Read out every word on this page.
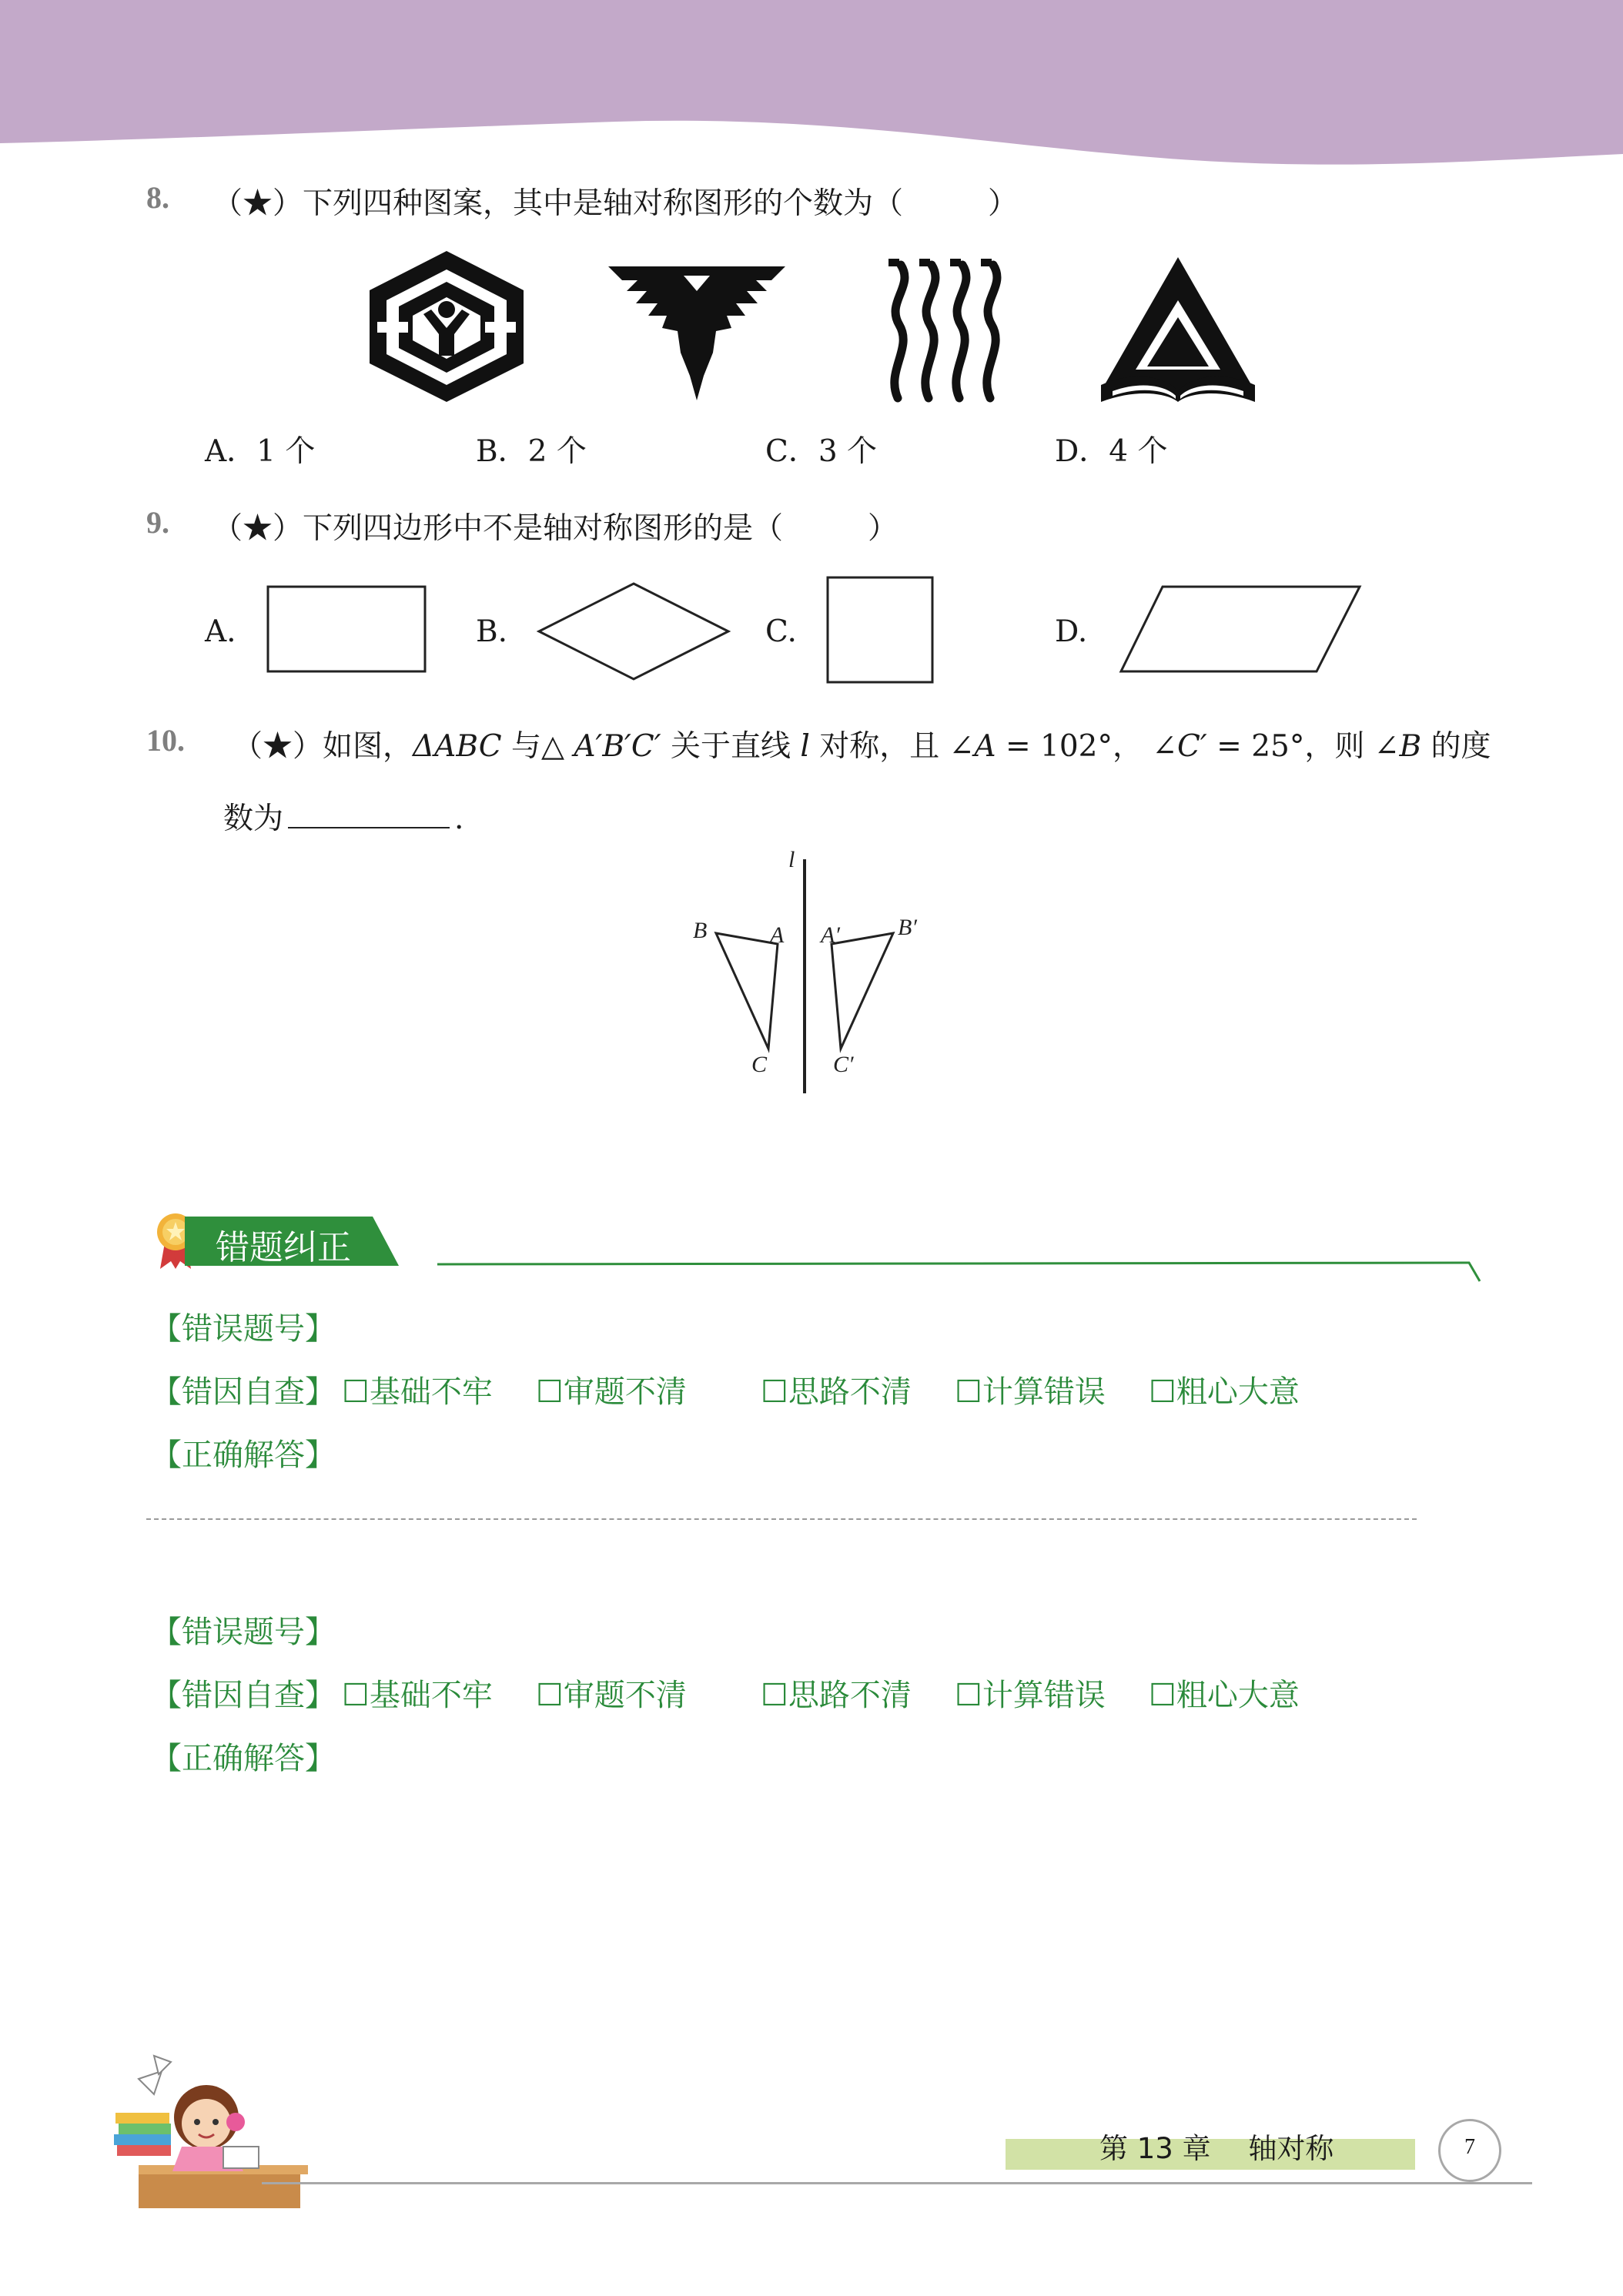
8. （★）下列四种图案，其中是轴对称图形的个数为（	）
A．1 个	B．2 个	C．3 个	D．4 个
9. （★）下列四边形中不是轴对称图形的是（	）
A.	B.	C.	D.
10. （★）如图，ΔABC 与△ A′B′C′ 关于直线 l 对称，且 ∠A = 102°， ∠C′ = 25°，则 ∠B 的度
数为	.
l
B	A
C
A′	B′
C′
错题纠正
【错误题号】
【错因自查】 ☐基础不牢 ☐审题不清 ☐思路不清 ☐计算错误 ☐粗心大意
【正确解答】
【错误题号】
【错因自查】 ☐基础不牢 ☐审题不清 ☐思路不清 ☐计算错误 ☐粗心大意
【正确解答】
第 13 章　 轴对称	7
